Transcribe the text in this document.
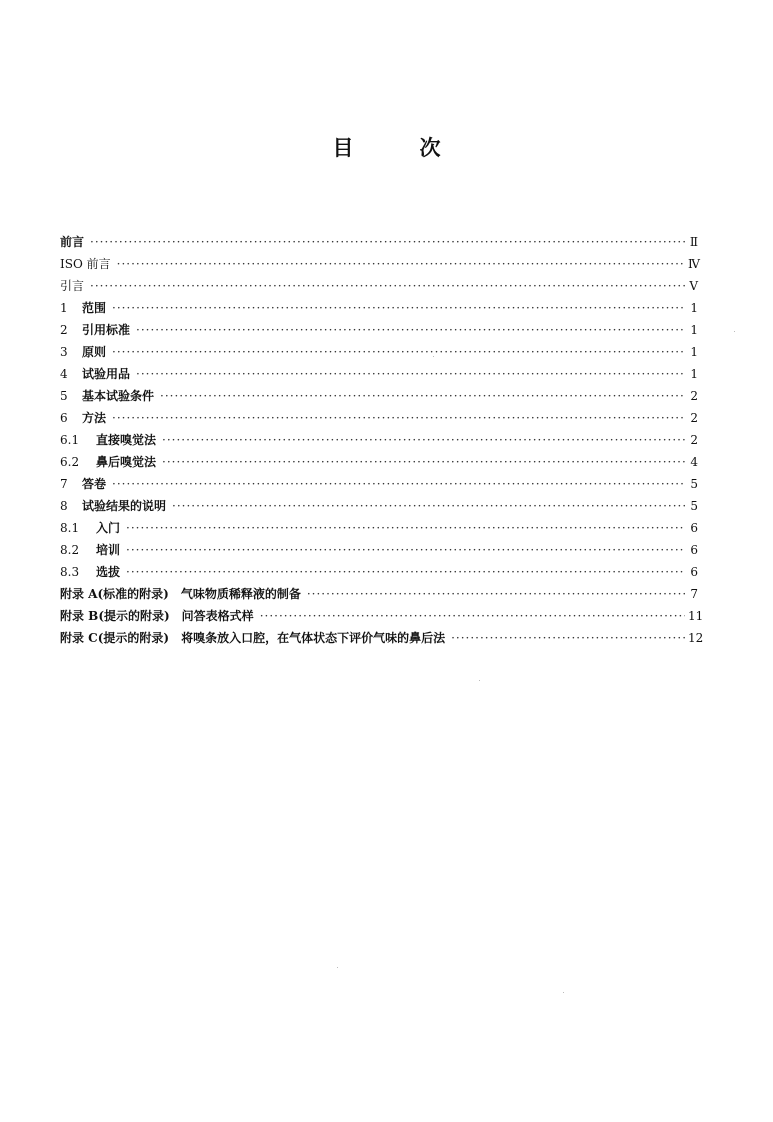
目	次
前言 ·····	Ⅱ
ISO 前言 ·····	Ⅳ
引言 ·····	Ⅴ
1	范围 ·····	1
2	引用标准 ·····	1
3	原则 ·····	1
4	试验用品 ·····	1
5	基本试验条件 ·····	2
6	方法 ·····	2
6.1	直接嗅觉法 ·····	2
6.2	鼻后嗅觉法 ·····	4
7	答卷 ·····	5
8	试验结果的说明 ·····	5
8.1	入门 ·····	6
8.2	培训 ·····	6
8.3	选拔 ·····	6
附录 A(标准的附录)　气味物质稀释液的制备 ·····	7
附录 B(提示的附录)　问答表格式样 ·····	11
附录 C(提示的附录)　将嗅条放入口腔，在气体状态下评价气味的鼻后法 ·····	12
